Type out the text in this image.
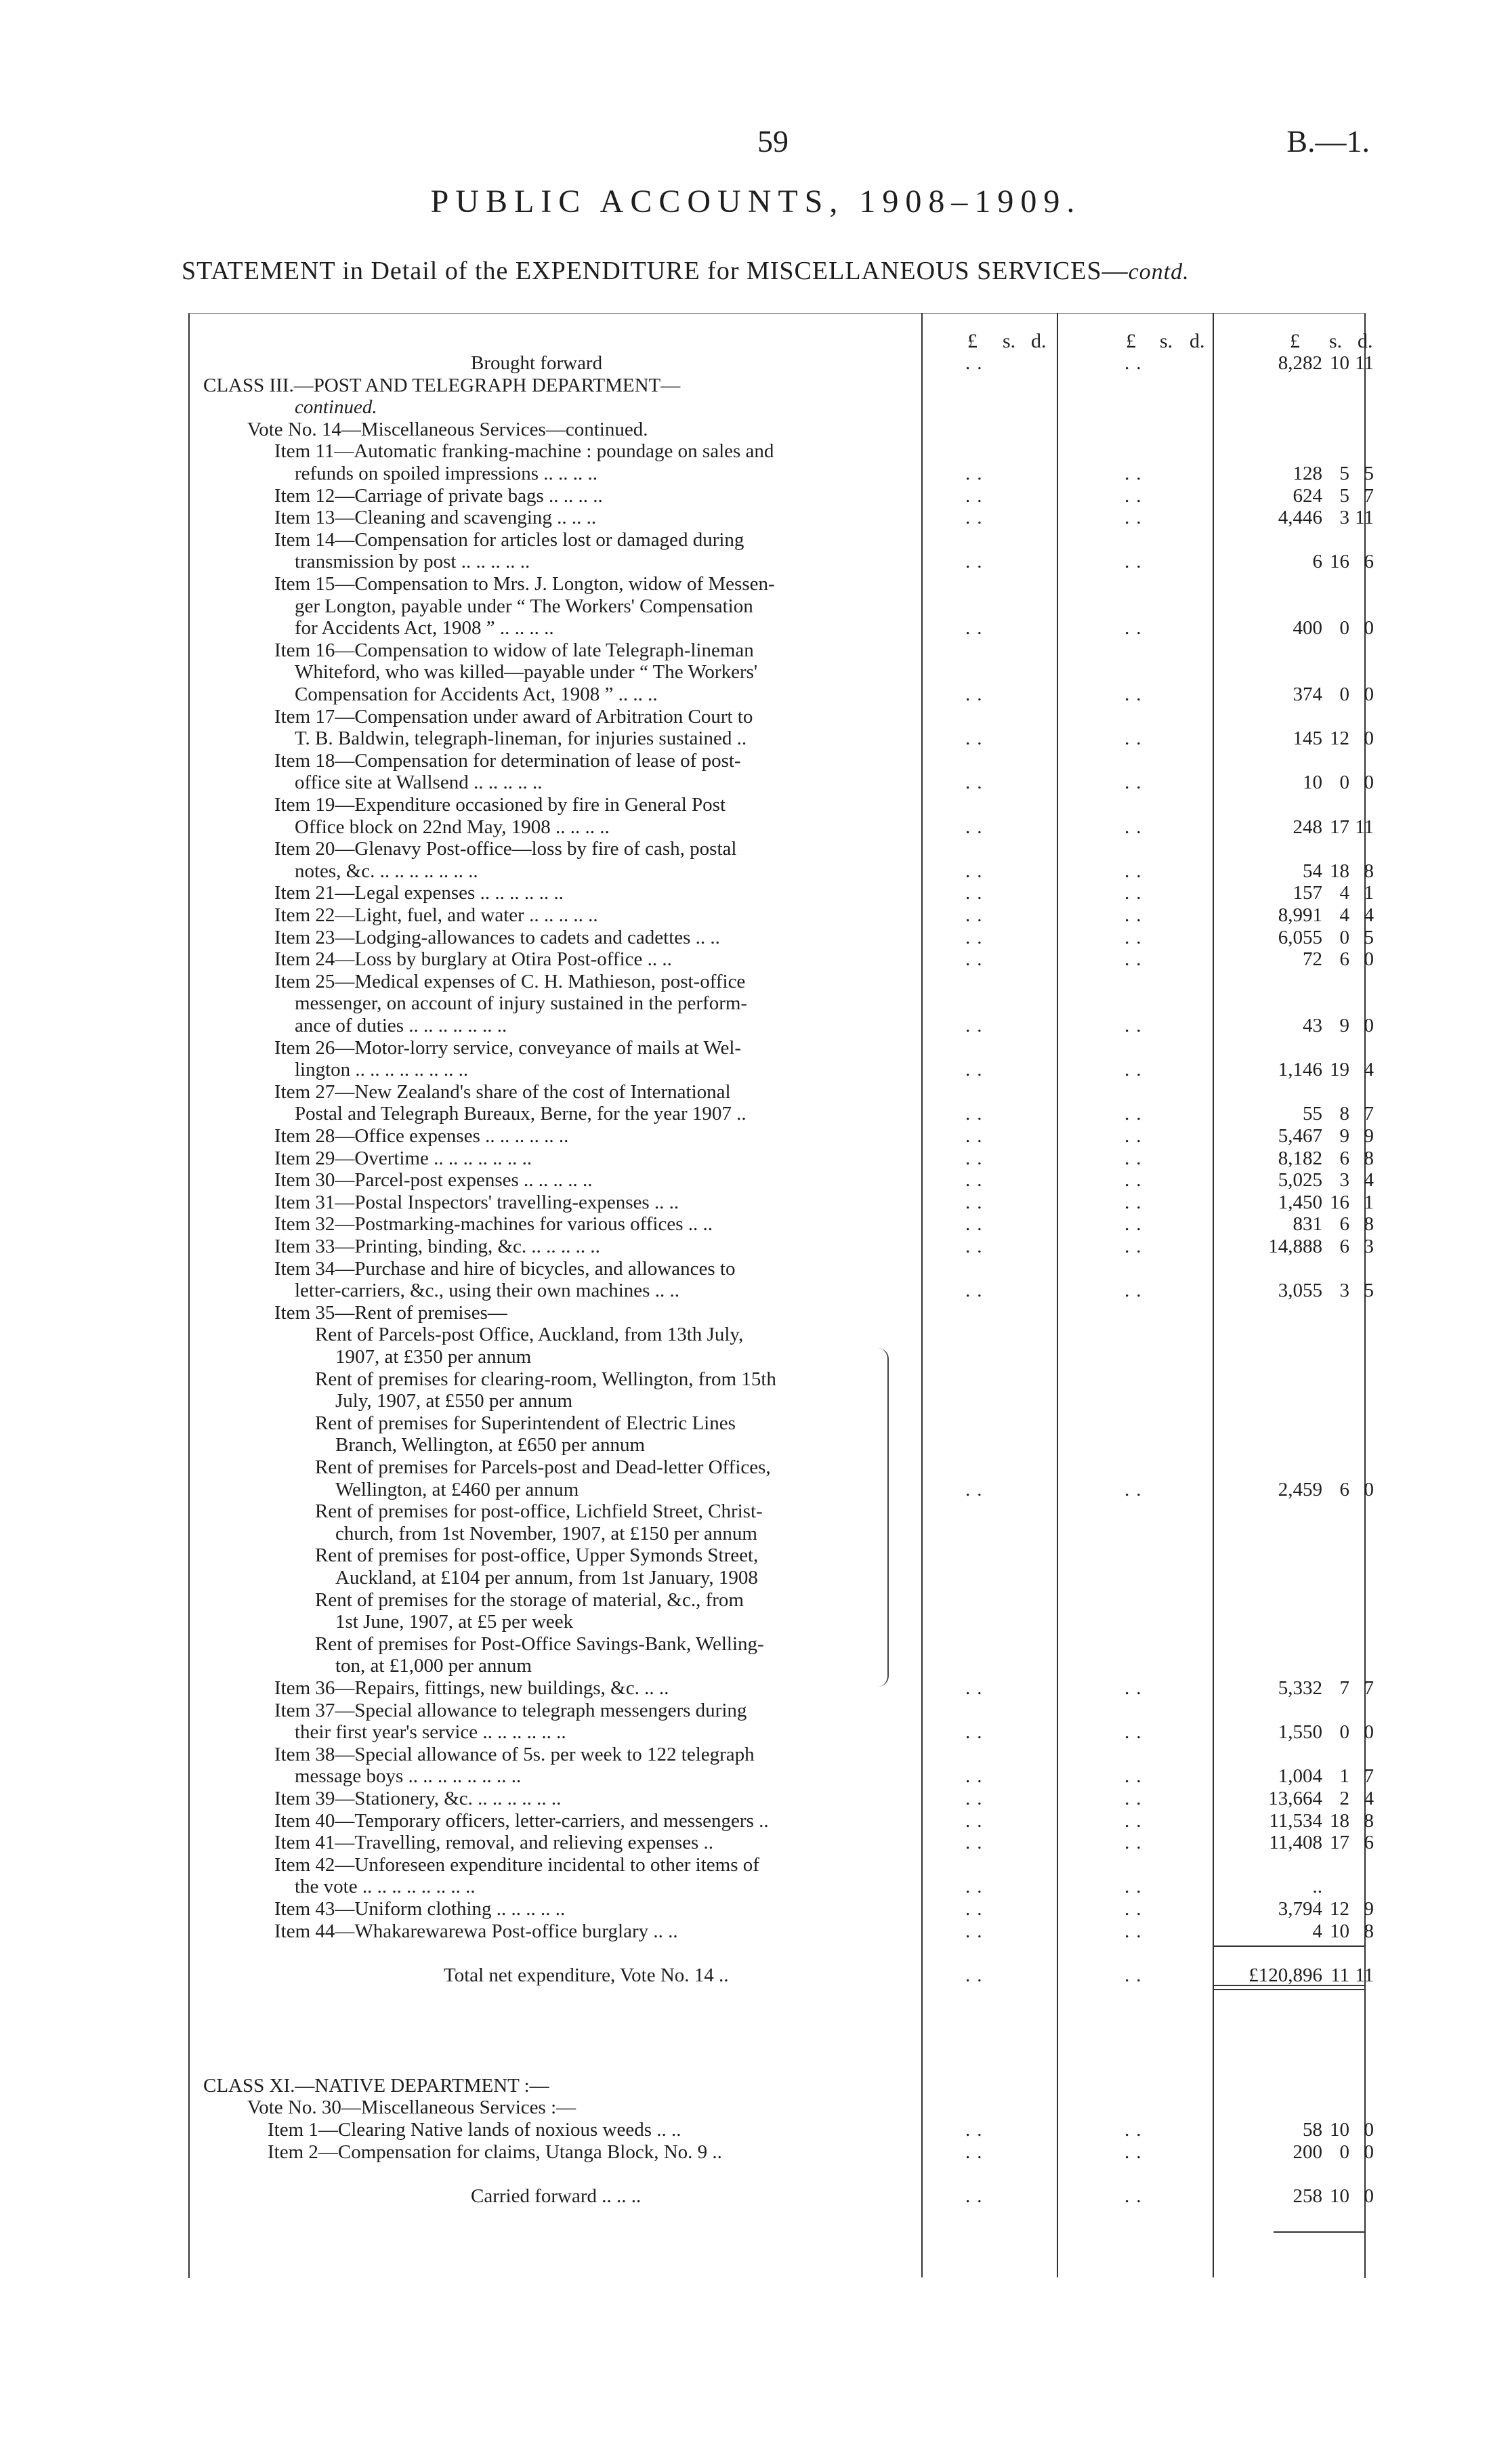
59	B.—1.
PUBLIC ACCOUNTS, 1908–1909.
STATEMENT in Detail of the EXPENDITURE for MISCELLANEOUS SERVICES—contd.
£ s. d.	£ s. d.	£ s. d.
Brought forward	..	..	8,282 10 11
CLASS III.—POST AND TELEGRAPH DEPARTMENT—
continued.
Vote No. 14—Miscellaneous Services—continued.
Item 11—Automatic franking-machine : poundage on sales and
refunds on spoiled impressions .. .. .. ..	..	..	128 5 5
Item 12—Carriage of private bags .. .. .. ..	..	..	624 5 7
Item 13—Cleaning and scavenging .. .. ..	..	..	4,446 3 11
Item 14—Compensation for articles lost or damaged during
transmission by post .. .. .. .. ..	..	..	6 16 6
Item 15—Compensation to Mrs. J. Longton, widow of Messen-
ger Longton, payable under “ The Workers' Compensation
for Accidents Act, 1908 ” .. .. .. ..	..	..	400 0 0
Item 16—Compensation to widow of late Telegraph-lineman
Whiteford, who was killed—payable under “ The Workers'
Compensation for Accidents Act, 1908 ” .. .. ..	..	..	374 0 0
Item 17—Compensation under award of Arbitration Court to
T. B. Baldwin, telegraph-lineman, for injuries sustained ..	..	..	145 12 0
Item 18—Compensation for determination of lease of post-
office site at Wallsend .. .. .. .. ..	..	..	10 0 0
Item 19—Expenditure occasioned by fire in General Post
Office block on 22nd May, 1908 .. .. .. ..	..	..	248 17 11
Item 20—Glenavy Post-office—loss by fire of cash, postal
notes, &c. .. .. .. .. .. .. ..	..	..	54 18 8
Item 21—Legal expenses .. .. .. .. .. ..	..	..	157 4 1
Item 22—Light, fuel, and water .. .. .. .. ..	..	..	8,991 4 4
Item 23—Lodging-allowances to cadets and cadettes .. ..	..	..	6,055 0 5
Item 24—Loss by burglary at Otira Post-office .. ..	..	..	72 6 0
Item 25—Medical expenses of C. H. Mathieson, post-office
messenger, on account of injury sustained in the perform-
ance of duties .. .. .. .. .. .. ..	..	..	43 9 0
Item 26—Motor-lorry service, conveyance of mails at Wel-
lington .. .. .. .. .. .. .. ..	..	..	1,146 19 4
Item 27—New Zealand's share of the cost of International
Postal and Telegraph Bureaux, Berne, for the year 1907 ..	..	..	55 8 7
Item 28—Office expenses .. .. .. .. .. ..	..	..	5,467 9 9
Item 29—Overtime .. .. .. .. .. .. ..	..	..	8,182 6 8
Item 30—Parcel-post expenses .. .. .. .. ..	..	..	5,025 3 4
Item 31—Postal Inspectors' travelling-expenses .. ..	..	..	1,450 16 1
Item 32—Postmarking-machines for various offices .. ..	..	..	831 6 8
Item 33—Printing, binding, &c. .. .. .. .. ..	..	..	14,888 6 3
Item 34—Purchase and hire of bicycles, and allowances to
letter-carriers, &c., using their own machines .. ..	..	..	3,055 3 5
Item 35—Rent of premises—
Rent of Parcels-post Office, Auckland, from 13th July,
1907, at £350 per annum
Rent of premises for clearing-room, Wellington, from 15th
July, 1907, at £550 per annum
Rent of premises for Superintendent of Electric Lines
Branch, Wellington, at £650 per annum
Rent of premises for Parcels-post and Dead-letter Offices,
Wellington, at £460 per annum	..	..	2,459 6 0
Rent of premises for post-office, Lichfield Street, Christ-
church, from 1st November, 1907, at £150 per annum
Rent of premises for post-office, Upper Symonds Street,
Auckland, at £104 per annum, from 1st January, 1908
Rent of premises for the storage of material, &c., from
1st June, 1907, at £5 per week
Rent of premises for Post-Office Savings-Bank, Welling-
ton, at £1,000 per annum
Item 36—Repairs, fittings, new buildings, &c. .. ..	..	..	5,332 7 7
Item 37—Special allowance to telegraph messengers during
their first year's service .. .. .. .. .. ..	..	..	1,550 0 0
Item 38—Special allowance of 5s. per week to 122 telegraph
message boys .. .. .. .. .. .. .. ..	..	..	1,004 1 7
Item 39—Stationery, &c. .. .. .. .. .. ..	..	..	13,664 2 4
Item 40—Temporary officers, letter-carriers, and messengers ..	..	..	11,534 18 8
Item 41—Travelling, removal, and relieving expenses ..	..	..	11,408 17 6
Item 42—Unforeseen expenditure incidental to other items of
the vote .. .. .. .. .. .. .. ..	..	..	..
Item 43—Uniform clothing .. .. .. .. ..	..	..	3,794 12 9
Item 44—Whakarewarewa Post-office burglary .. ..	..	..	4 10 8
Total net expenditure, Vote No. 14 ..	..	..	£120,896 11 11
CLASS XI.—NATIVE DEPARTMENT :—
Vote No. 30—Miscellaneous Services :—
Item 1—Clearing Native lands of noxious weeds .. ..	..	..	58 10 0
Item 2—Compensation for claims, Utanga Block, No. 9 ..	..	..	200 0 0
Carried forward .. .. ..	..	..	258 10 0
